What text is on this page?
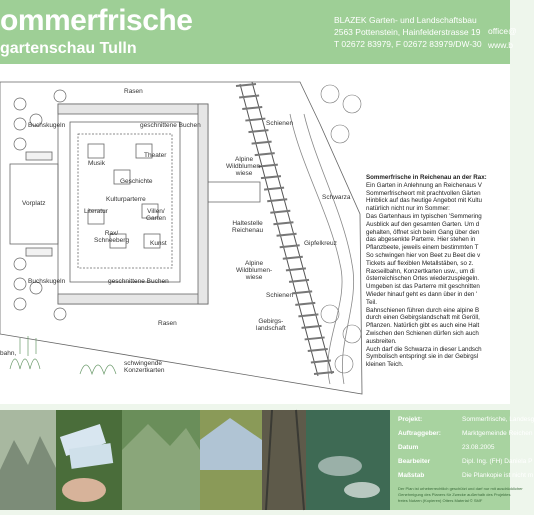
ommerfrische
gartenschau Tulln
BLAZEK Garten- und Landschaftsbau
2563 Pottenstein, Hainfelderstrasse 19
T 02672 83979, F 02672 83979/DW-30
office@
www.b
Rasen
Schienen
Buchskugeln	geschnittene Buchen
Musik
Theater
Geschichte
Kulturparterre
Literatur	Villen/
Garten
Rax/
Schneeberg	Kunst
Vorplatz
Alpine
Wildblumen-
wiese
Haltestelle
Reichenau
Schwarza
Gipfelkreuz
Alpine
Wildblumen-
wiese
Buchskugeln	geschnittene Buchen
Schienen
Gebirgs-
landschaft
Rasen
bahn,
schwingende
Konzertkarten

Sommerfrische in Reichenau an der Rax:

Ein Garten in Anlehnung an Reichenaus V

Sommerfrischeort mit prachtvollen Gärten

Hinblick auf das heutige Angebot mit Kultu

natürlich nicht nur im Sommer:

Das Gartenhaus im typischen 'Semmering

Ausblick auf den gesamten Garten. Um d

gehalten, öffnet sich beim Gang über den

das abgesenkte Parterre. Hier stehen in

Pflanzbeete, jeweils einem bestimmten T

So schwingen hier von Beet zu Beet die v

Tickets auf flexiblen Metallstäben, so z.

Raxseilbahn, Konzertkarten usw., um di

österreichischen Ortes wiederzuspiegeln.

Umgeben ist das Parterre mit geschnitten

Wieder hinauf geht es dann über in den '

Teil.

Bahnschienen führen durch eine alpine B

durch einen Gebirgslandschaft mit Geröll,

Pflanzen. Natürlich gibt es auch eine Halt

Zwischen den Schienen dürfen sich auch

ausbreiten.

Auch darf die Schwarza in dieser Landsch

Symbolisch entspringt sie in der Gebirgsl

kleinen Teich.

Projekt:	Sommerfrische, Landesg
Auftraggeber:	Marktgemeinde Reichen
Datum	23.08.2005
Bearbeiter	Dipl. Ing. (FH) Daniela P
Maßstab	Die Plankopie ist nicht m
Der Plan ist urheberrechtlich geschützt und darf nur mit ausdrücklicher
Genehmigung des Planers für Zwecke außerhalb des Projektes
freies Nutzen (Kopieren) Otters Material © SMF
